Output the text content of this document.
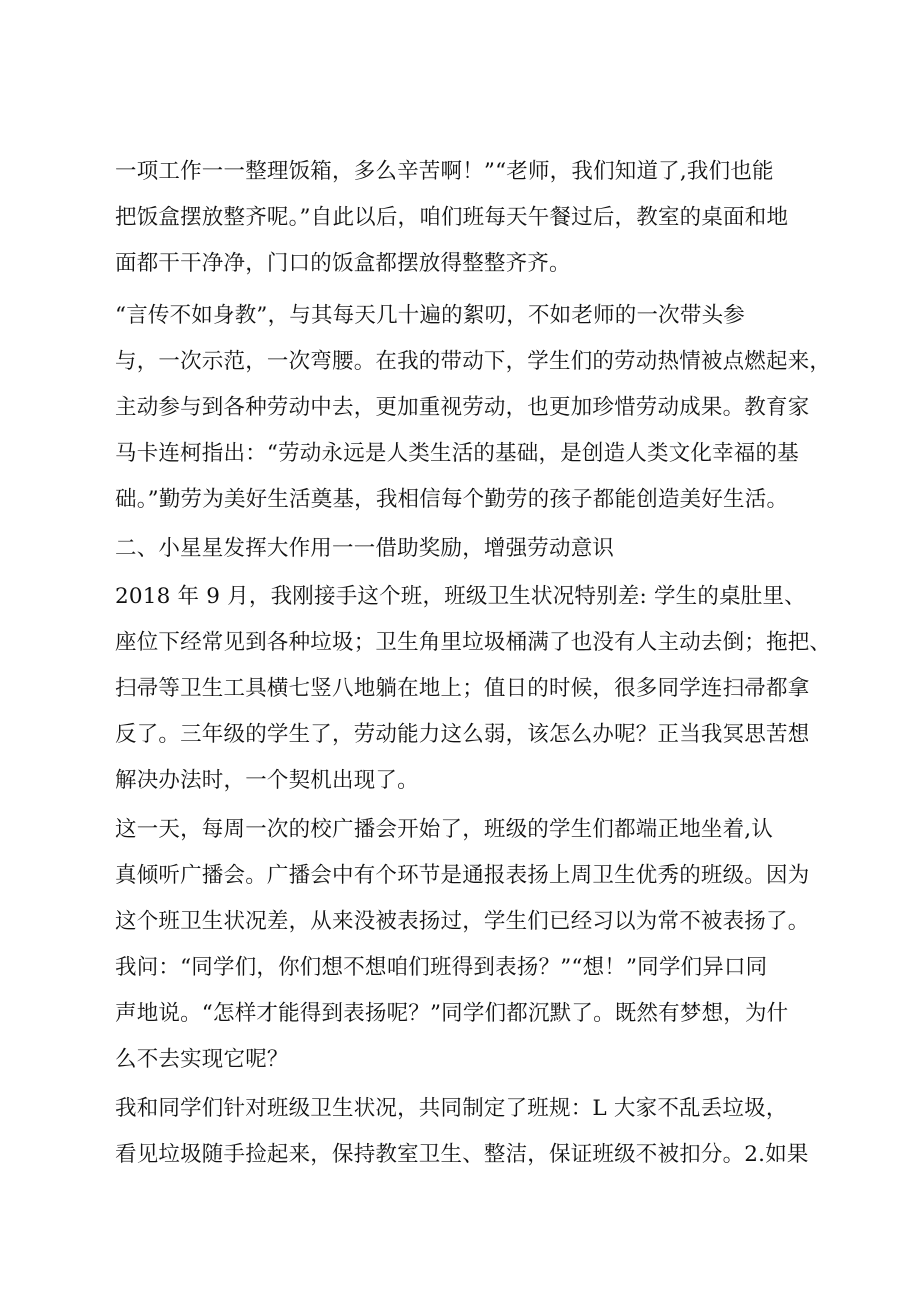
一项工作一一整理饭箱，多么辛苦啊！”“老师，我们知道了,我们也能
把饭盒摆放整齐呢。”自此以后，咱们班每天午餐过后，教室的桌面和地
面都干干净净，门口的饭盒都摆放得整整齐齐。
“言传不如身教”，与其每天几十遍的絮叨，不如老师的一次带头参
与，一次示范，一次弯腰。在我的带动下，学生们的劳动热情被点燃起来，
主动参与到各种劳动中去，更加重视劳动，也更加珍惜劳动成果。教育家
马卡连柯指出：“劳动永远是人类生活的基础，是创造人类文化幸福的基
础。”勤劳为美好生活奠基，我相信每个勤劳的孩子都能创造美好生活。
二、小星星发挥大作用一一借助奖励，增强劳动意识
2018 年 9 月，我刚接手这个班，班级卫生状况特别差: 学生的桌肚里、
座位下经常见到各种垃圾；卫生角里垃圾桶满了也没有人主动去倒；拖把、
扫帚等卫生工具横七竖八地躺在地上；值日的时候，很多同学连扫帚都拿
反了。三年级的学生了，劳动能力这么弱，该怎么办呢？正当我冥思苦想
解决办法时，一个契机出现了。
这一天，每周一次的校广播会开始了，班级的学生们都端正地坐着,认
真倾听广播会。广播会中有个环节是通报表扬上周卫生优秀的班级。因为
这个班卫生状况差，从来没被表扬过，学生们已经习以为常不被表扬了。
我问：“同学们，你们想不想咱们班得到表扬？”“想！”同学们异口同
声地说。“怎样才能得到表扬呢？”同学们都沉默了。既然有梦想，为什
么不去实现它呢？
我和同学们针对班级卫生状况，共同制定了班规：L 大家不乱丢垃圾，
看见垃圾随手捡起来，保持教室卫生、整洁，保证班级不被扣分。2.如果
